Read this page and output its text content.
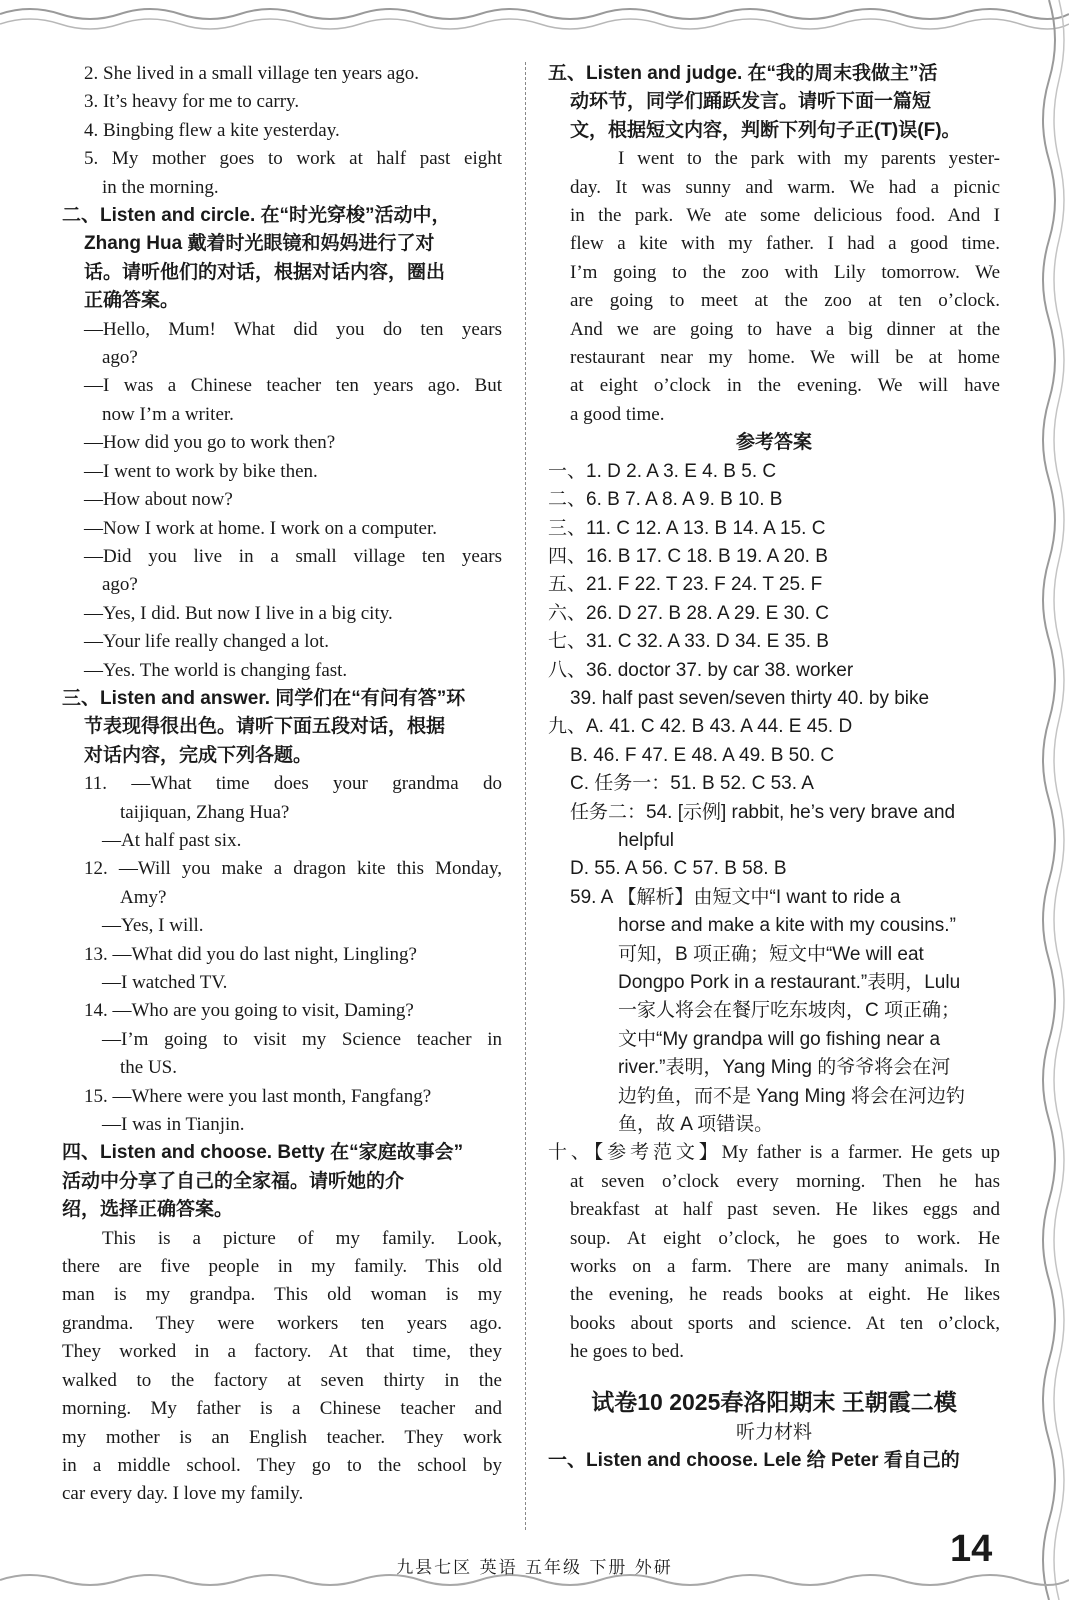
2. She lived in a small village ten years ago.
3. It’s heavy for me to carry.
4. Bingbing flew a kite yesterday.
5. My mother goes to work at half past eight
in the morning.
二、Listen and circle. 在“时光穿梭”活动中，
Zhang Hua 戴着时光眼镜和妈妈进行了对
话。请听他们的对话，根据对话内容，圈出
正确答案。
—Hello, Mum! What did you do ten years
ago?
—I was a Chinese teacher ten years ago. But
now I’m a writer.
—How did you go to work then?
—I went to work by bike then.
—How about now?
—Now I work at home. I work on a computer.
—Did you live in a small village ten years
ago?
—Yes, I did. But now I live in a big city.
—Your life really changed a lot.
—Yes. The world is changing fast.
三、Listen and answer. 同学们在“有问有答”环
节表现得很出色。请听下面五段对话，根据
对话内容，完成下列各题。
11. —What time does your grandma do
taijiquan, Zhang Hua?
—At half past six.
12. —Will you make a dragon kite this Monday,
Amy?
—Yes, I will.
13. —What did you do last night, Lingling?
—I watched TV.
14. —Who are you going to visit, Daming?
—I’m going to visit my Science teacher in
the US.
15. —Where were you last month, Fangfang?
—I was in Tianjin.
四、Listen and choose. Betty 在“家庭故事会”
活动中分享了自己的全家福。请听她的介
绍，选择正确答案。
This is a picture of my family. Look,
there are five people in my family. This old
man is my grandpa. This old woman is my
grandma. They were workers ten years ago.
They worked in a factory. At that time, they
walked to the factory at seven thirty in the
morning. My father is a Chinese teacher and
my mother is an English teacher. They work
in a middle school. They go to the school by
car every day. I love my family.
五、Listen and judge. 在“我的周末我做主”活
动环节，同学们踊跃发言。请听下面一篇短
文，根据短文内容，判断下列句子正(T)误(F)。
I went to the park with my parents yester-
day. It was sunny and warm. We had a picnic
in the park. We ate some delicious food. And I
flew a kite with my father. I had a good time.
I’m going to the zoo with Lily tomorrow. We
are going to meet at the zoo at ten o’clock.
And we are going to have a big dinner at the
restaurant near my home. We will be at home
at eight o’clock in the evening. We will have
a good time.
参考答案
一、1. D 2. A 3. E 4. B 5. C
二、6. B 7. A 8. A 9. B 10. B
三、11. C 12. A 13. B 14. A 15. C
四、16. B 17. C 18. B 19. A 20. B
五、21. F 22. T 23. F 24. T 25. F
六、26. D 27. B 28. A 29. E 30. C
七、31. C 32. A 33. D 34. E 35. B
八、36. doctor 37. by car 38. worker
39. half past seven/seven thirty 40. by bike
九、A. 41. C 42. B 43. A 44. E 45. D
B. 46. F 47. E 48. A 49. B 50. C
C. 任务一：51. B 52. C 53. A
任务二：54. [示例] rabbit, he’s very brave and
helpful
D. 55. A 56. C 57. B 58. B
59. A 【解析】由短文中“I want to ride a
horse and make a kite with my cousins.”
可知，B 项正确；短文中“We will eat
Dongpo Pork in a restaurant.”表明，Lulu
一家人将会在餐厅吃东坡肉，C 项正确；
文中“My grandpa will go fishing near a
river.”表明，Yang Ming 的爷爷将会在河
边钓鱼，而不是 Yang Ming 将会在河边钓
鱼，故 A 项错误。
十、【参考范文】My father is a farmer. He gets up
at seven o’clock every morning. Then he has
breakfast at half past seven. He likes eggs and
soup. At eight o’clock, he goes to work. He
works on a farm. There are many animals. In
the evening, he reads books at eight. He likes
books about sports and science. At ten o’clock,
he goes to bed.
试卷10 2025春洛阳期末 王朝霞二模
听力材料
一、Listen and choose. Lele 给 Peter 看自己的
九县七区 英语 五年级 下册 外研	14
